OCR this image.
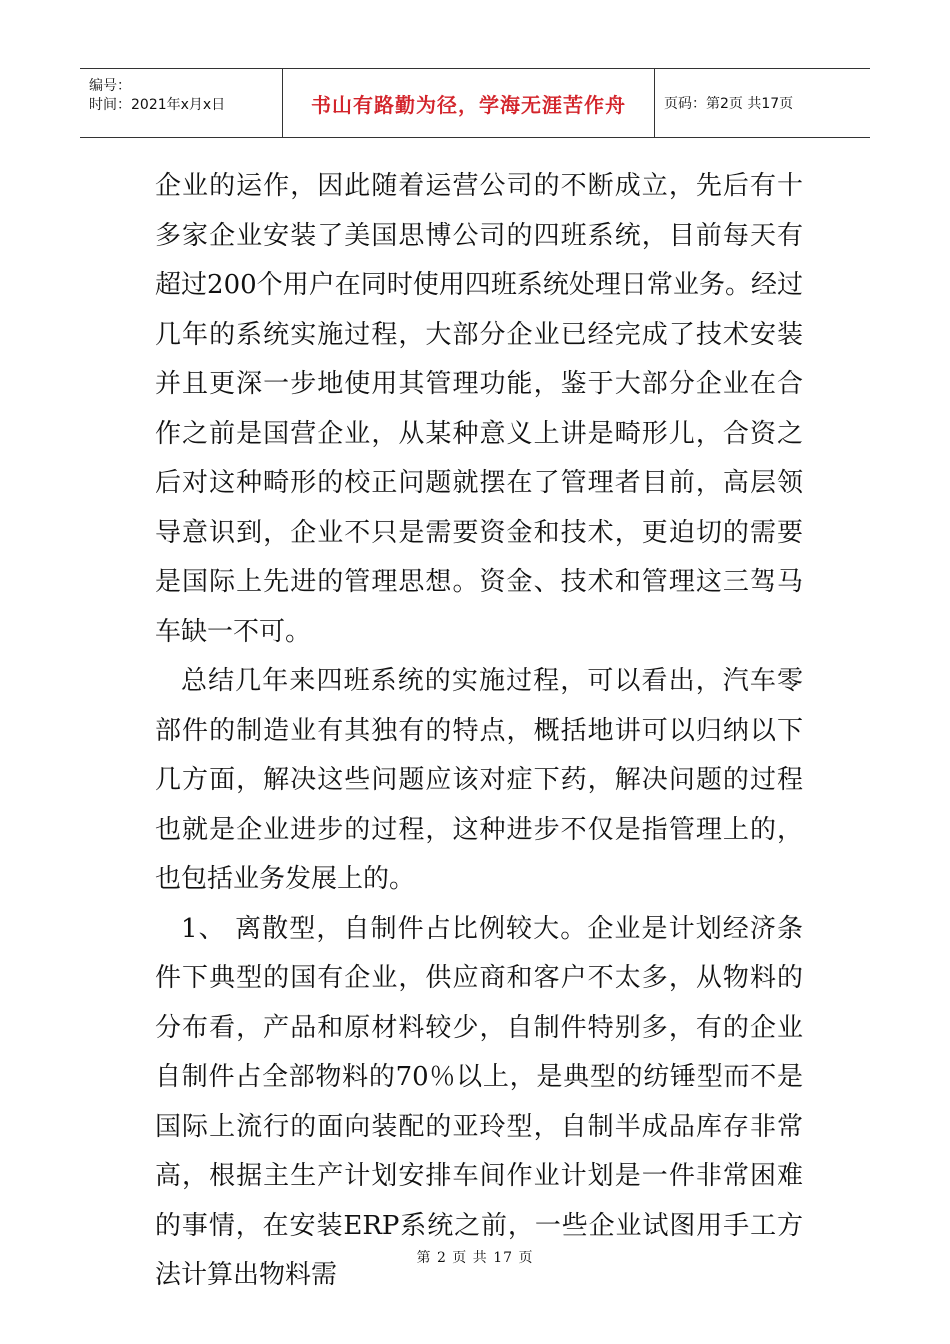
编号：
时间：2021年x月x日	书山有路勤为径，学海无涯苦作舟	页码：第2页 共17页

企业的运作，因此随着运营公司的不断成立，先后有十多家企业安装了美国思博公司的四班系统，目前每天有超过200个用户在同时使用四班系统处理日常业务。经过几年的系统实施过程，大部分企业已经完成了技术安装并且更深一步地使用其管理功能，鉴于大部分企业在合作之前是国营企业，从某种意义上讲是畸形儿，合资之后对这种畸形的校正问题就摆在了管理者目前，高层领导意识到，企业不只是需要资金和技术，更迫切的需要是国际上先进的管理思想。资金、技术和管理这三驾马车缺一不可。

总结几年来四班系统的实施过程，可以看出，汽车零部件的制造业有其独有的特点，概括地讲可以归纳以下几方面，解决这些问题应该对症下药，解决问题的过程也就是企业进步的过程，这种进步不仅是指管理上的，也包括业务发展上的。

1、 离散型，自制件占比例较大。企业是计划经济条件下典型的国有企业，供应商和客户不太多，从物料的分布看，产品和原材料较少，自制件特别多，有的企业自制件占全部物料的70％以上，是典型的纺锤型而不是国际上流行的面向装配的亚玲型，自制半成品库存非常高，根据主生产计划安排车间作业计划是一件非常困难的事情，在安装ERP系统之前，一些企业试图用手工方法计算出物料需

第 2 页 共 17 页
